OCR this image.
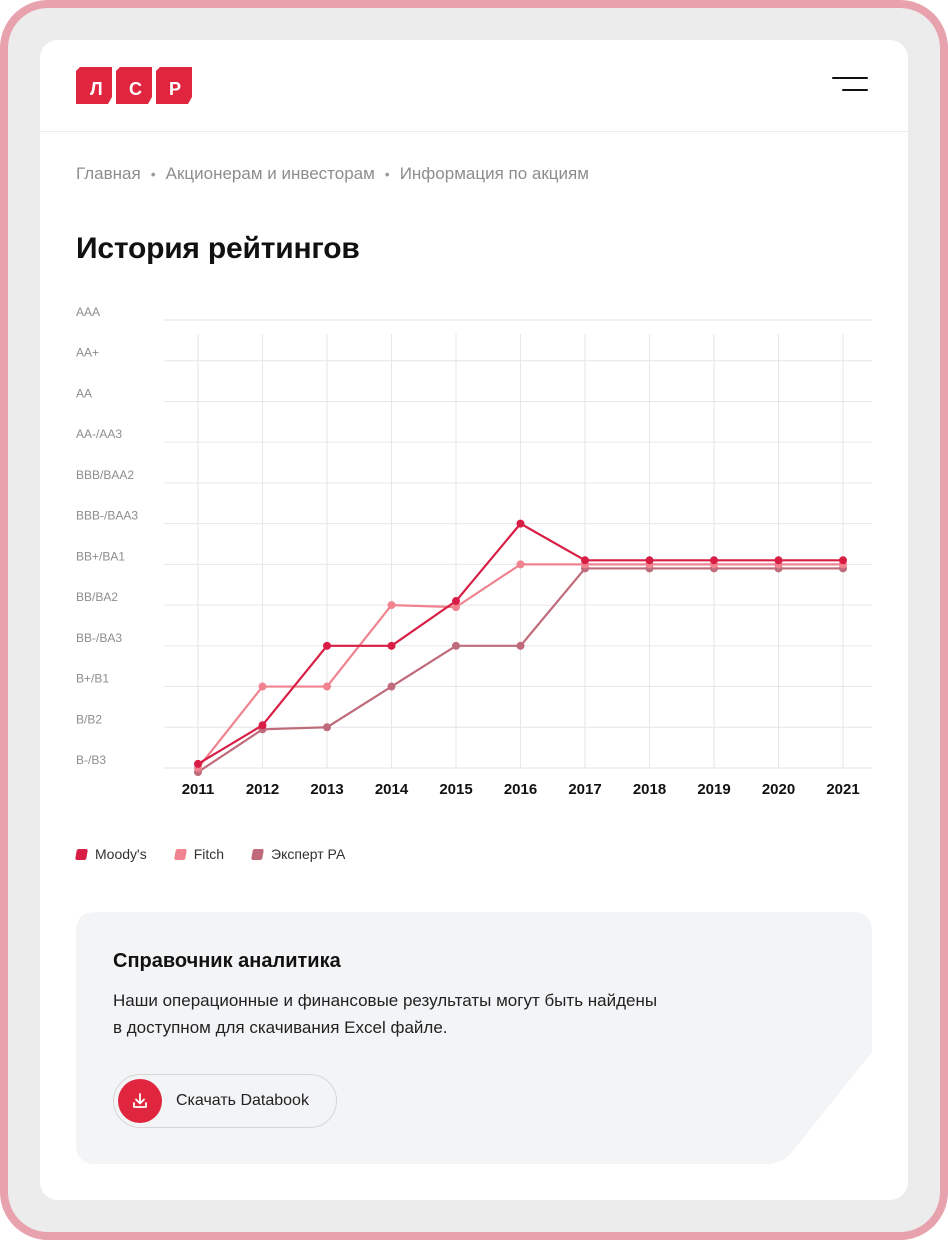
Л С Р
Главная • Акционерам и инвесторам • Информация по акциям
История рейтингов
B-/B3
B/B2
B+/B1
BB-/BA3
BB/BA2
BB+/BA1
BBB-/BAA3
BBB/BAA2
AA-/AA3
AA
AA+
AAA
2011 2012 2013 2014 2015 2016 2017 2018 2019 2020 2021
Moody's	Fitch	Эксперт РА
Справочник аналитика
Наши операционные и финансовые результаты могут быть найдены
в доступном для скачивания Excel файле.
Скачать Databook
